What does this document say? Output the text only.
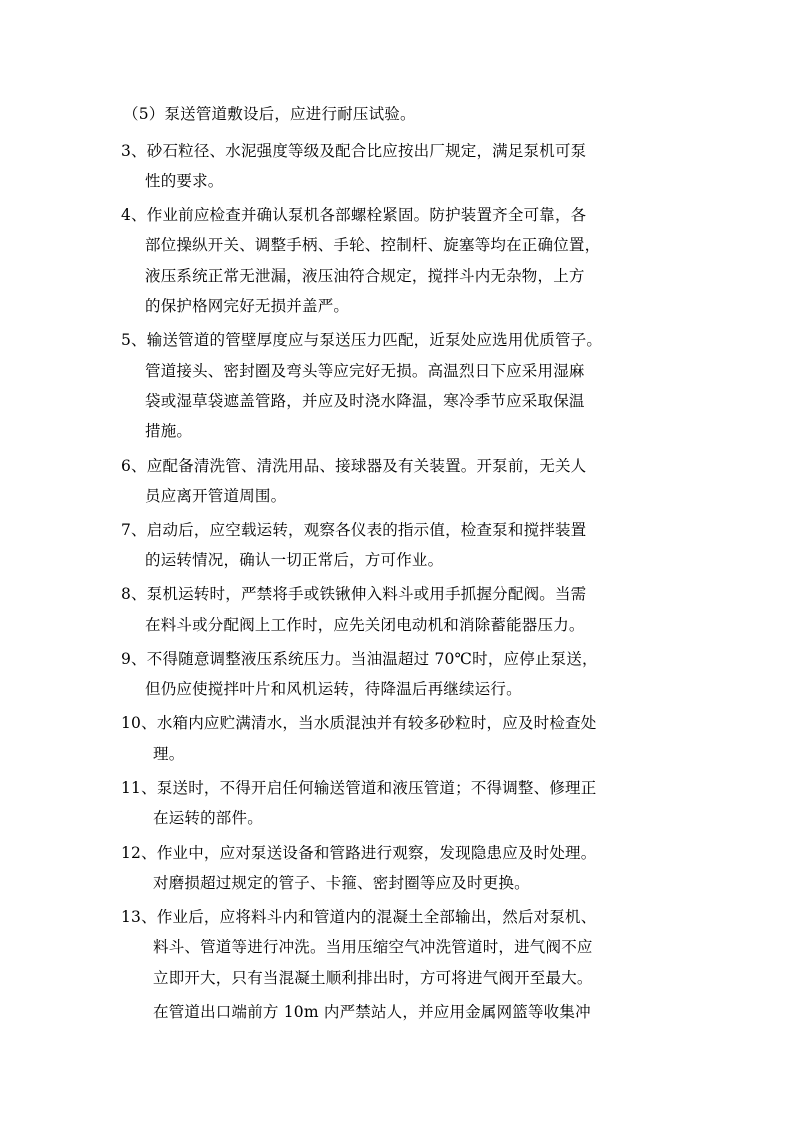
（5）泵送管道敷设后，应进行耐压试验。
3、砂石粒径、水泥强度等级及配合比应按出厂规定，满足泵机可泵
性的要求。
4、作业前应检查并确认泵机各部螺栓紧固。防护装置齐全可靠，各
部位操纵开关、调整手柄、手轮、控制杆、旋塞等均在正确位置，
液压系统正常无泄漏，液压油符合规定，搅拌斗内无杂物，上方
的保护格网完好无损并盖严。
5、输送管道的管壁厚度应与泵送压力匹配，近泵处应选用优质管子。
管道接头、密封圈及弯头等应完好无损。高温烈日下应采用湿麻
袋或湿草袋遮盖管路，并应及时浇水降温，寒冷季节应采取保温
措施。
6、应配备清洗管、清洗用品、接球器及有关装置。开泵前，无关人
员应离开管道周围。
7、启动后，应空载运转，观察各仪表的指示值，检查泵和搅拌装置
的运转情况，确认一切正常后，方可作业。
8、泵机运转时，严禁将手或铁锹伸入料斗或用手抓握分配阀。当需
在料斗或分配阀上工作时，应先关闭电动机和消除蓄能器压力。
9、不得随意调整液压系统压力。当油温超过 70℃时，应停止泵送，
但仍应使搅拌叶片和风机运转，待降温后再继续运行。
10、水箱内应贮满清水，当水质混浊并有较多砂粒时，应及时检查处
理。
11、泵送时，不得开启任何输送管道和液压管道；不得调整、修理正
在运转的部件。
12、作业中，应对泵送设备和管路进行观察，发现隐患应及时处理。
对磨损超过规定的管子、卡箍、密封圈等应及时更换。
13、作业后，应将料斗内和管道内的混凝土全部输出，然后对泵机、
料斗、管道等进行冲洗。当用压缩空气冲洗管道时，进气阀不应
立即开大，只有当混凝土顺利排出时，方可将进气阀开至最大。
在管道出口端前方 10m 内严禁站人，并应用金属网篮等收集冲
